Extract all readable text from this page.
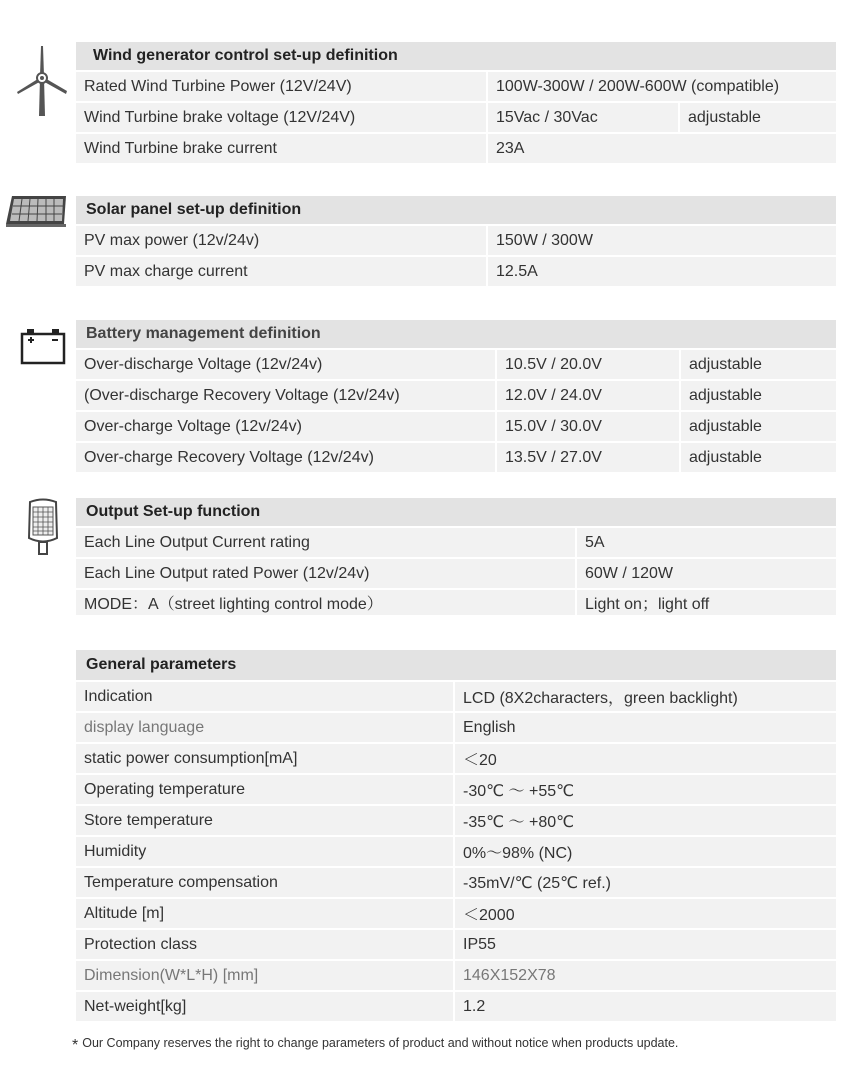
Wind generator control set-up definition
Rated Wind Turbine Power (12V/24V)	100W-300W / 200W-600W (compatible)
Wind Turbine brake voltage (12V/24V)	15Vac / 30Vac	adjustable
Wind Turbine brake current	23A
Solar panel set-up definition
PV max power (12v/24v)	150W / 300W
PV max charge current	12.5A
Battery management definition
Over-discharge Voltage (12v/24v)	10.5V / 20.0V	adjustable
(Over-discharge Recovery Voltage (12v/24v)	12.0V / 24.0V	adjustable
Over-charge Voltage (12v/24v)	15.0V / 30.0V	adjustable
Over-charge Recovery Voltage (12v/24v)	13.5V / 27.0V	adjustable
Output Set-up function
Each Line Output Current rating	5A
Each Line Output rated Power (12v/24v)	60W / 120W
MODE：A（street lighting control mode）	Light on；light off
General parameters
Indication	LCD (8X2characters，green backlight)
display language	English
static power consumption[mA]	＜20
Operating temperature	-30℃ ～ +55℃
Store temperature	-35℃ ～ +80℃
Humidity	0%～98% (NC)
Temperature compensation	-35mV/℃ (25℃ ref.)
Altitude [m]	＜2000
Protection class	IP55
Dimension(W*L*H) [mm]	146X152X78
Net-weight[kg]	1.2
* Our Company reserves the right to change parameters of product and without notice when products update.
